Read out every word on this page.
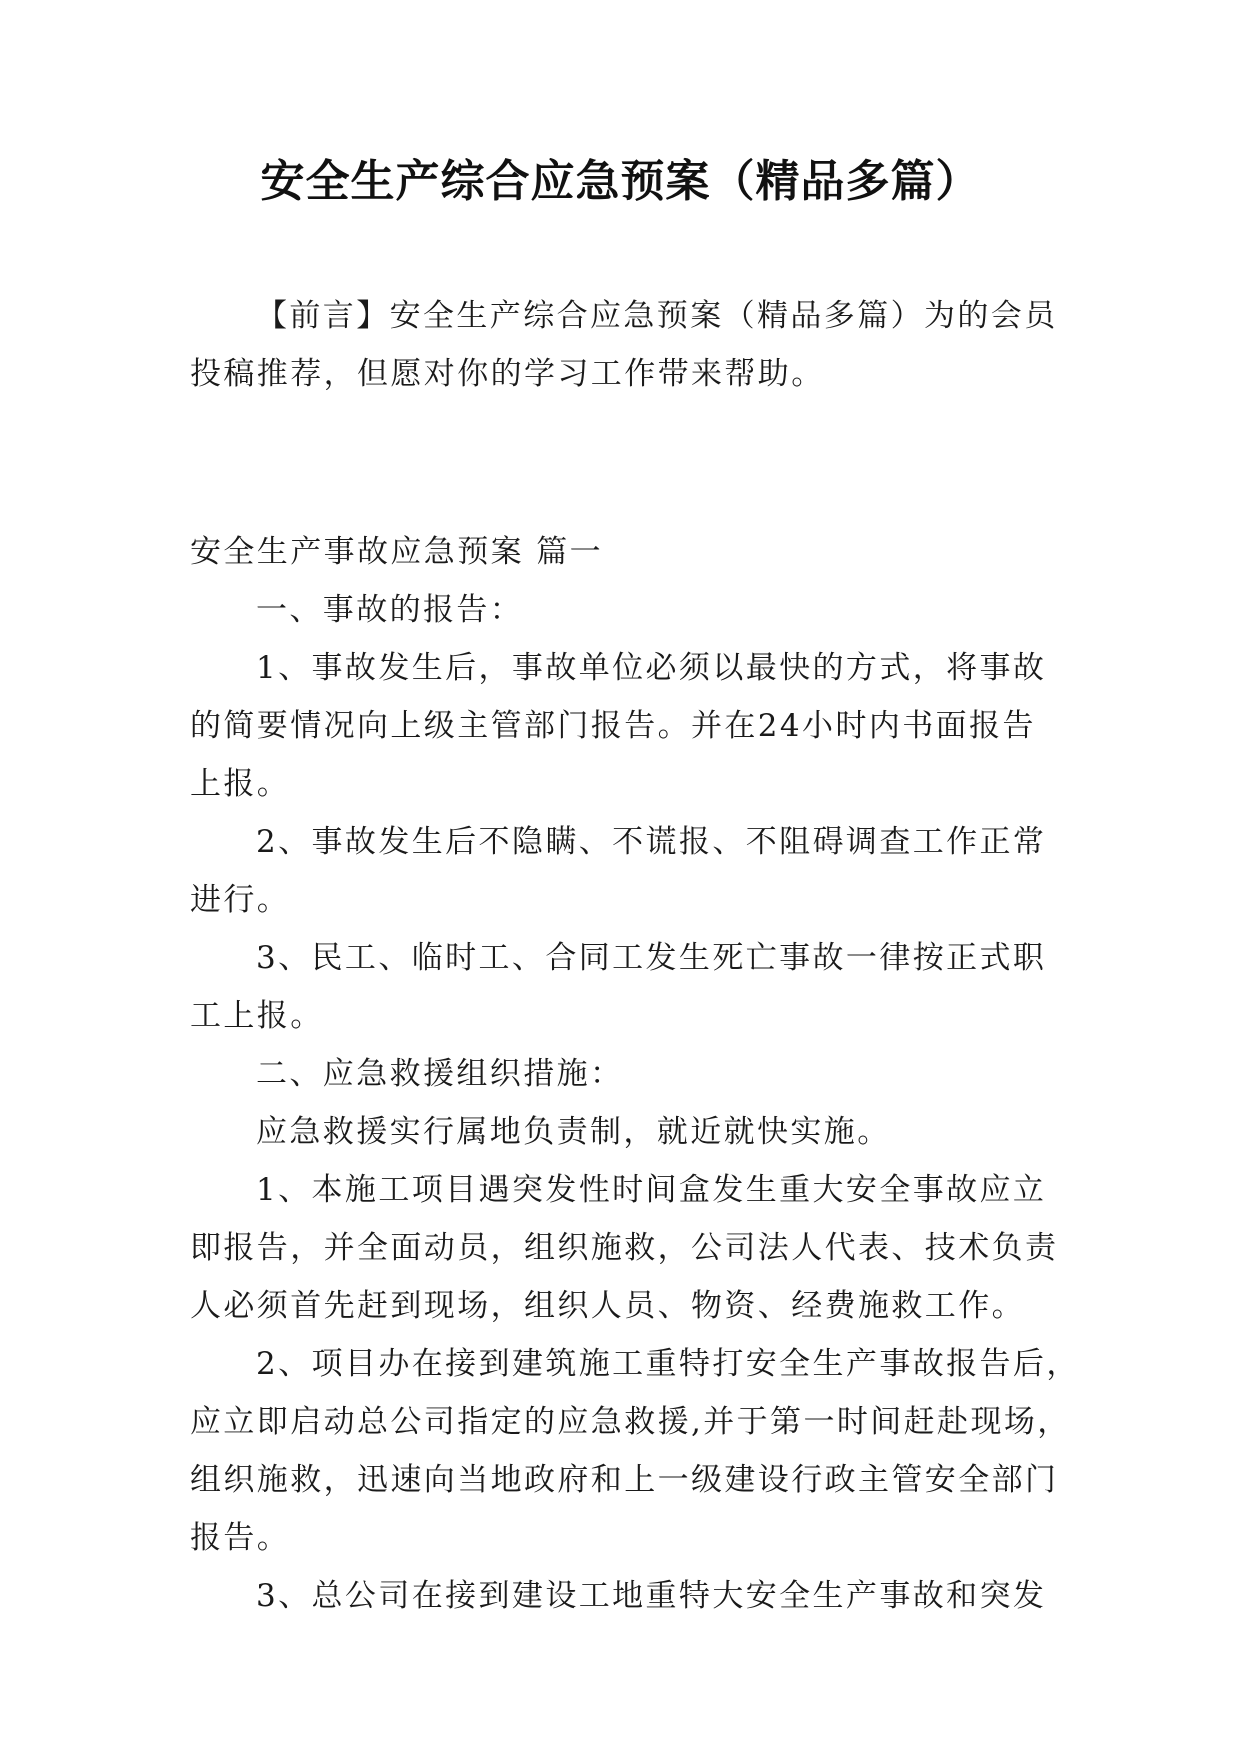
安全生产综合应急预案（精品多篇）
【前言】安全生产综合应急预案（精品多篇）为的会员
投稿推荐，但愿对你的学习工作带来帮助。
安全生产事故应急预案 篇一
一、事故的报告：
1、事故发生后，事故单位必须以最快的方式，将事故
的简要情况向上级主管部门报告。并在24小时内书面报告
上报。
2、事故发生后不隐瞒、不谎报、不阻碍调查工作正常
进行。
3、民工、临时工、合同工发生死亡事故一律按正式职
工上报。
二、应急救援组织措施：
应急救援实行属地负责制，就近就快实施。
1、本施工项目遇突发性时间盒发生重大安全事故应立
即报告，并全面动员，组织施救，公司法人代表、技术负责
人必须首先赶到现场，组织人员、物资、经费施救工作。
2、项目办在接到建筑施工重特打安全生产事故报告后，
应立即启动总公司指定的应急救援,并于第一时间赶赴现场，
组织施救，迅速向当地政府和上一级建设行政主管安全部门
报告。
3、总公司在接到建设工地重特大安全生产事故和突发
